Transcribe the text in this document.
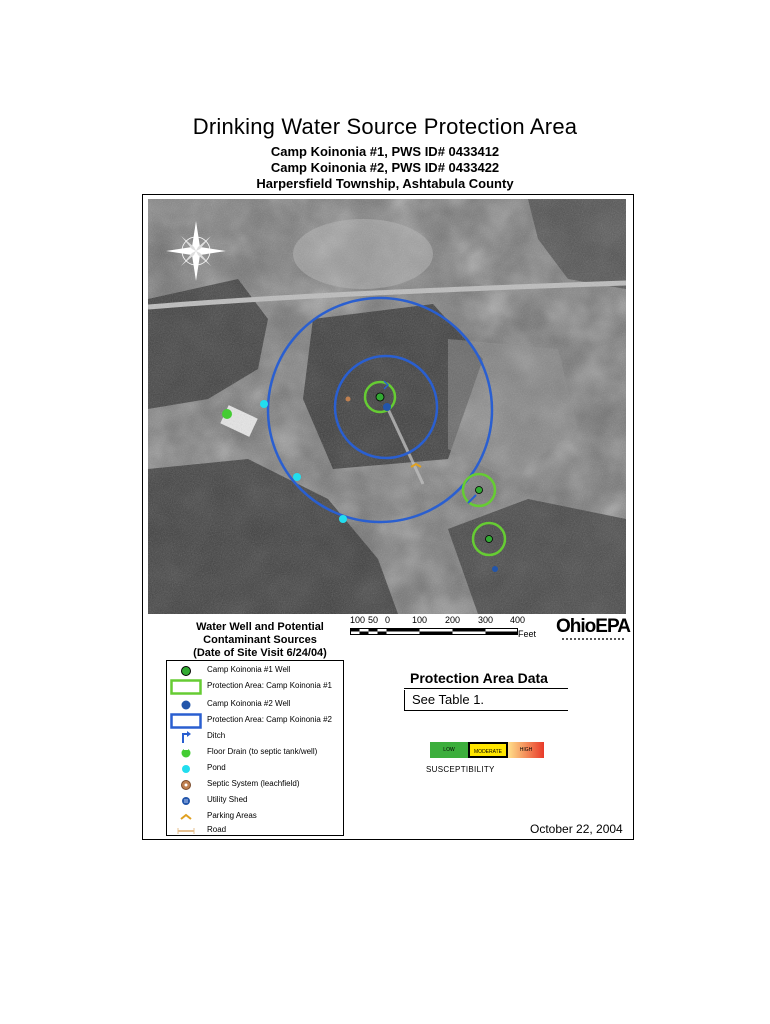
Drinking Water Source Protection Area
Camp Koinonia #1, PWS ID# 0433412
Camp Koinonia #2, PWS ID# 0433422
Harpersfield Township, Ashtabula County
Water Well and Potential
Contaminant Sources
(Date of Site Visit 6/24/04)
Camp Koinonia #1 Well
Protection Area: Camp Koinonia #1
Camp Koinonia #2 Well
Protection Area: Camp Koinonia #2
Ditch
Floor Drain (to septic tank/well)
Pond
Septic System (leachfield)
Utility Shed
Parking Areas
Road
100 50 0 100 200 300 400
Feet OhioEPA
Protection Area Data
See Table 1.
LOW	MODERATE	HIGH
SUSCEPTIBILITY
October 22, 2004
